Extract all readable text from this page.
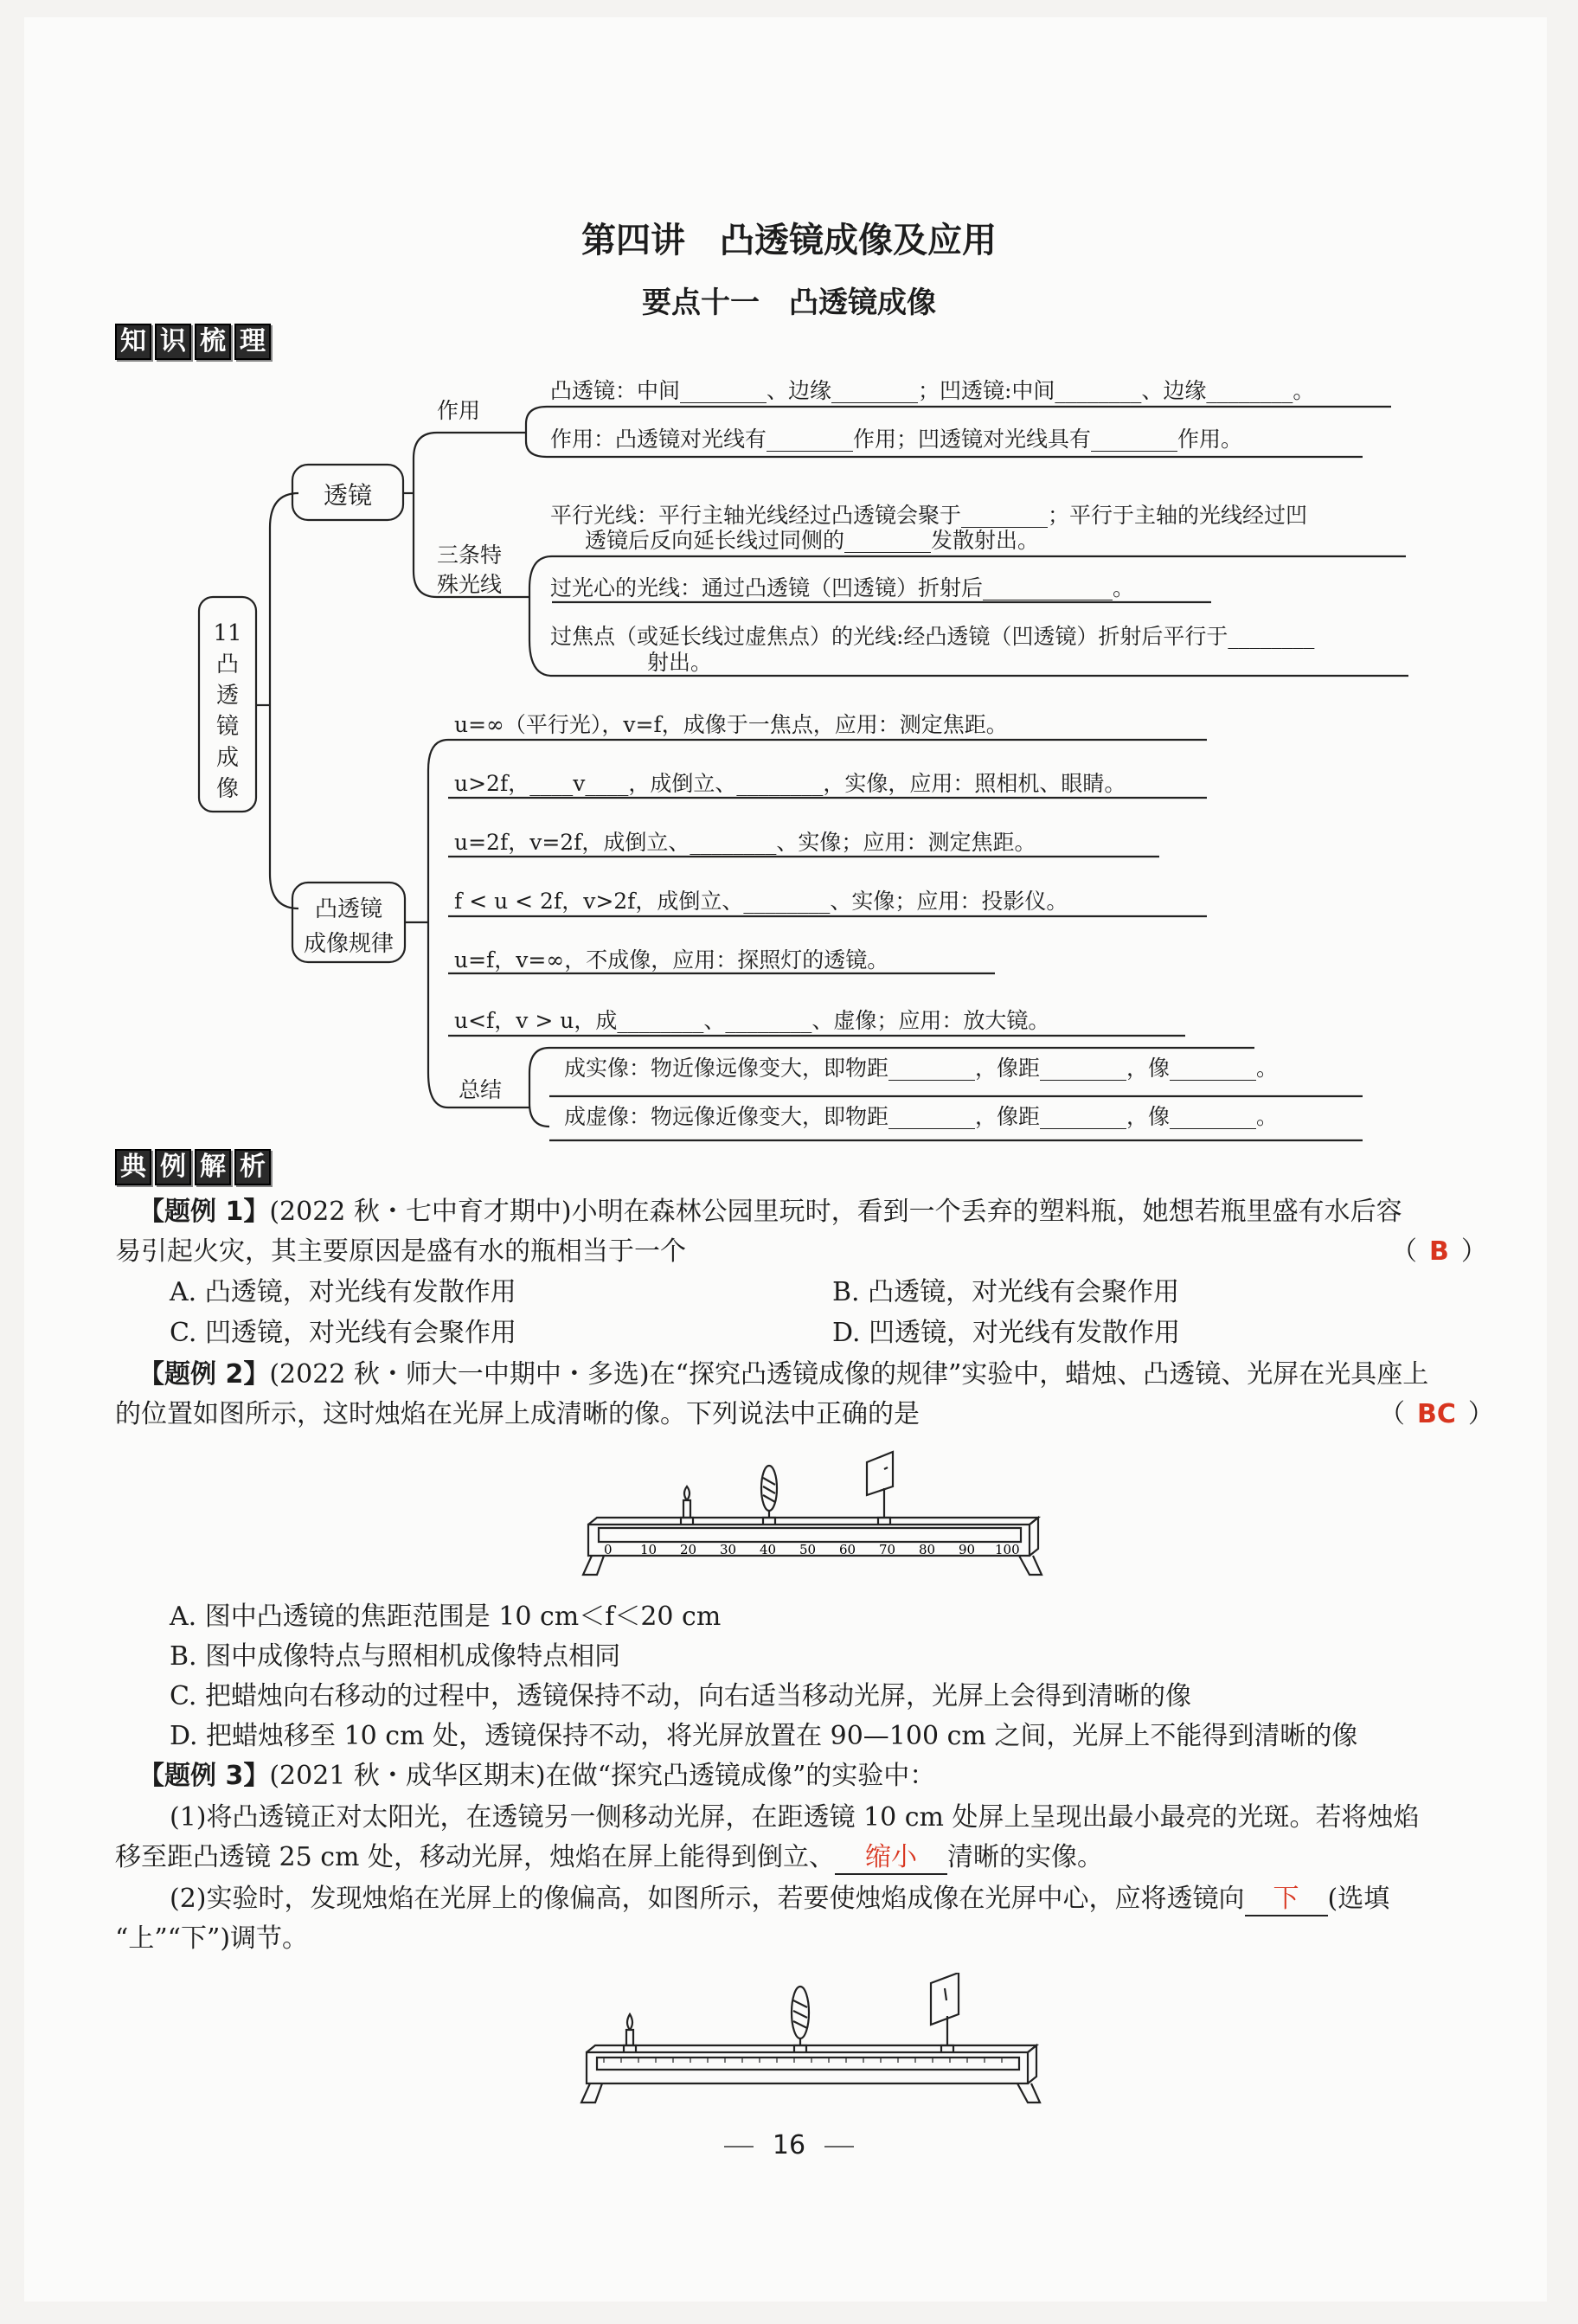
第四讲　凸透镜成像及应用
要点十一　凸透镜成像
知 识 梳 理
11
凸
透
镜
成
像
透镜
凸透镜
成像规律
作用
三条特
殊光线
凸透镜：中间________、边缘________；凹透镜:中间________、边缘________。
作用：凸透镜对光线有________作用；凹透镜对光线具有________作用。
平行光线：平行主轴光线经过凸透镜会聚于________；平行于主轴的光线经过凹
透镜后反向延长线过同侧的________发散射出。
过光心的光线：通过凸透镜（凹透镜）折射后____________。
过焦点（或延长线过虚焦点）的光线:经凸透镜（凹透镜）折射后平行于________
射出。
u=∞（平行光），v=f，成像于一焦点，应用：测定焦距。
u>2f，____v____，成倒立、________，实像，应用：照相机、眼睛。
u=2f，v=2f，成倒立、________、实像；应用：测定焦距。
f < u < 2f，v>2f，成倒立、________、实像；应用：投影仪。
u=f，v=∞，不成像，应用：探照灯的透镜。
u<f，v > u，成________、________、虚像；应用：放大镜。
总结
成实像：物近像远像变大，即物距________，像距________，像________。
成虚像：物远像近像变大，即物距________，像距________，像________。
典 例 解 析
【题例 1】(2022 秋・七中育才期中)小明在森林公园里玩时，看到一个丢弃的塑料瓶，她想若瓶里盛有水后容
易引起火灾，其主要原因是盛有水的瓶相当于一个	（ B ）
A. 凸透镜，对光线有发散作用	B. 凸透镜，对光线有会聚作用
C. 凹透镜，对光线有会聚作用	D. 凹透镜，对光线有发散作用
【题例 2】(2022 秋・师大一中期中・多选)在“探究凸透镜成像的规律”实验中，蜡烛、凸透镜、光屏在光具座上
的位置如图所示，这时烛焰在光屏上成清晰的像。下列说法中正确的是	（ BC ）
0 10 20 30 40 50 60 70 80 90 100
A. 图中凸透镜的焦距范围是 10 cm＜f＜20 cm
B. 图中成像特点与照相机成像特点相同
C. 把蜡烛向右移动的过程中，透镜保持不动，向右适当移动光屏，光屏上会得到清晰的像
D. 把蜡烛移至 10 cm 处，透镜保持不动，将光屏放置在 90—100 cm 之间，光屏上不能得到清晰的像
【题例 3】(2021 秋・成华区期末)在做“探究凸透镜成像”的实验中：
(1)将凸透镜正对太阳光，在透镜另一侧移动光屏，在距透镜 10 cm 处屏上呈现出最小最亮的光斑。若将烛焰
移至距凸透镜 25 cm 处，移动光屏，烛焰在屏上能得到倒立、 缩小 清晰的实像。
(2)实验时，发现烛焰在光屏上的像偏高，如图所示，若要使烛焰成像在光屏中心，应将透镜向 下 (选填
“上”“下”)调节。
16
